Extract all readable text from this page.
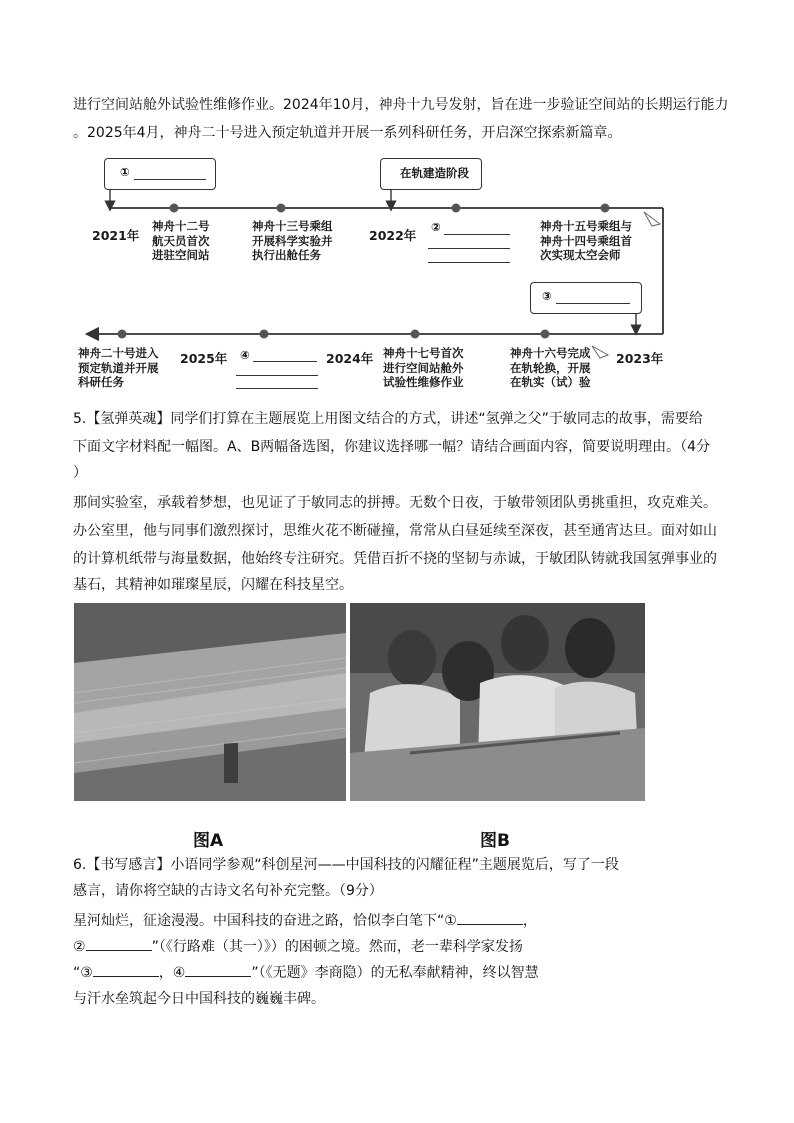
进行空间站舱外试验性维修作业。2024年10月，神舟十九号发射，旨在进一步验证空间站的长期运行能力
。2025年4月，神舟二十号进入预定轨道并开展一系列科研任务，开启深空探索新篇章。
①	在轨建造阶段
2021年	2022年
2023年
2024年
2025年
神舟十二号
航天员首次
进驻空间站
神舟十三号乘组
开展科学实验并
执行出舱任务
②	神舟十五号乘组与
神舟十四号乘组首
次实现太空会师
③
神舟十六号完成
在轨轮换，开展
在轨实（试）验
神舟十七号首次
进行空间站舱外
试验性维修作业
④
神舟二十号进入
预定轨道并开展
科研任务
5.【氢弹英魂】同学们打算在主题展览上用图文结合的方式，讲述“氢弹之父”于敏同志的故事，需要给
下面文字材料配一幅图。A、B两幅备选图，你建议选择哪一幅？请结合画面内容，简要说明理由。（4分
）
那间实验室，承载着梦想，也见证了于敏同志的拼搏。无数个日夜，于敏带领团队勇挑重担，攻克难关。
办公室里，他与同事们激烈探讨，思维火花不断碰撞，常常从白昼延续至深夜，甚至通宵达旦。面对如山
的计算机纸带与海量数据，他始终专注研究。凭借百折不挠的坚韧与赤诚，于敏团队铸就我国氢弹事业的
基石，其精神如璀璨星辰，闪耀在科技星空。
图A	图B
6.【书写感言】小语同学参观“科创星河——中国科技的闪耀征程”主题展览后，写了一段
感言，请你将空缺的古诗文名句补充完整。（9分）
星河灿烂，征途漫漫。中国科技的奋进之路，恰似李白笔下“①	，
②	”（《行路难（其一）》）的困顿之境。然而，老一辈科学家发扬
“③	，④	”（《无题》李商隐）的无私奉献精神，终以智慧
与汗水垒筑起今日中国科技的巍巍丰碑。
